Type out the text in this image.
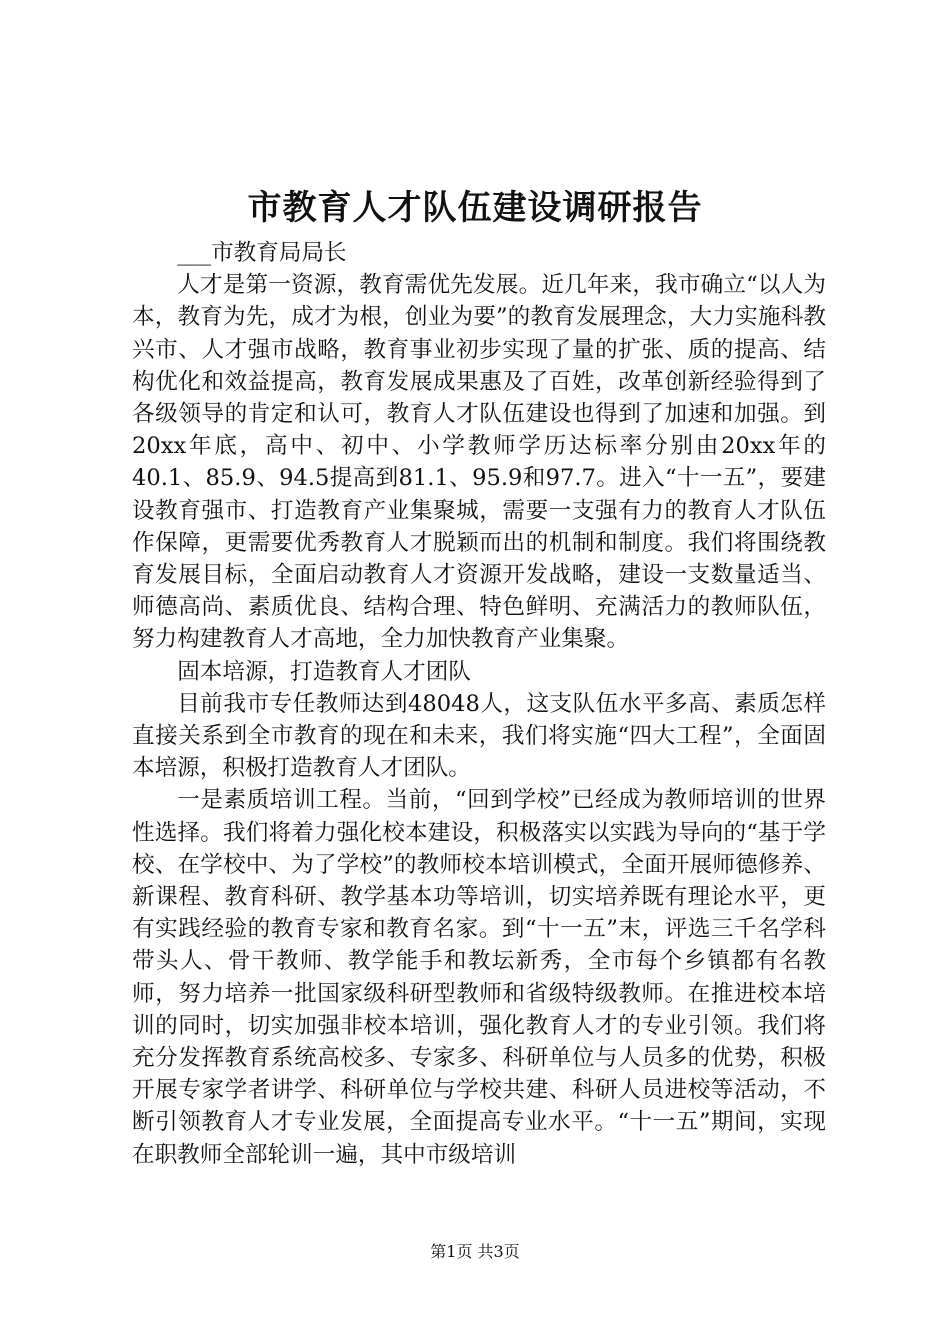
市教育人才队伍建设调研报告

___市教育局局长

人才是第一资源，教育需优先发展。近几年来，我市确立“以人为本，教育为先，成才为根，创业为要”的教育发展理念，大力实施科教兴市、人才强市战略，教育事业初步实现了量的扩张、质的提高、结构优化和效益提高，教育发展成果惠及了百姓，改革创新经验得到了各级领导的肯定和认可，教育人才队伍建设也得到了加速和加强。到20xx年底，高中、初中、小学教师学历达标率分别由20xx年的40.1、85.9、94.5提高到81.1、95.9和97.7。进入“十一五”，要建设教育强市、打造教育产业集聚城，需要一支强有力的教育人才队伍作保障，更需要优秀教育人才脱颖而出的机制和制度。我们将围绕教育发展目标，全面启动教育人才资源开发战略，建设一支数量适当、师德高尚、素质优良、结构合理、特色鲜明、充满活力的教师队伍，努力构建教育人才高地，全力加快教育产业集聚。

固本培源，打造教育人才团队

目前我市专任教师达到48048人，这支队伍水平多高、素质怎样直接关系到全市教育的现在和未来，我们将实施“四大工程”，全面固本培源，积极打造教育人才团队。

一是素质培训工程。当前，“回到学校”已经成为教师培训的世界性选择。我们将着力强化校本建设，积极落实以实践为导向的“基于学校、在学校中、为了学校”的教师校本培训模式，全面开展师德修养、新课程、教育科研、教学基本功等培训，切实培养既有理论水平，更有实践经验的教育专家和教育名家。到“十一五”末，评选三千名学科带头人、骨干教师、教学能手和教坛新秀，全市每个乡镇都有名教师，努力培养一批国家级科研型教师和省级特级教师。在推进校本培训的同时，切实加强非校本培训，强化教育人才的专业引领。我们将充分发挥教育系统高校多、专家多、科研单位与人员多的优势，积极开展专家学者讲学、科研单位与学校共建、科研人员进校等活动，不断引领教育人才专业发展，全面提高专业水平。“十一五”期间，实现在职教师全部轮训一遍，其中市级培训

第1页 共3页
